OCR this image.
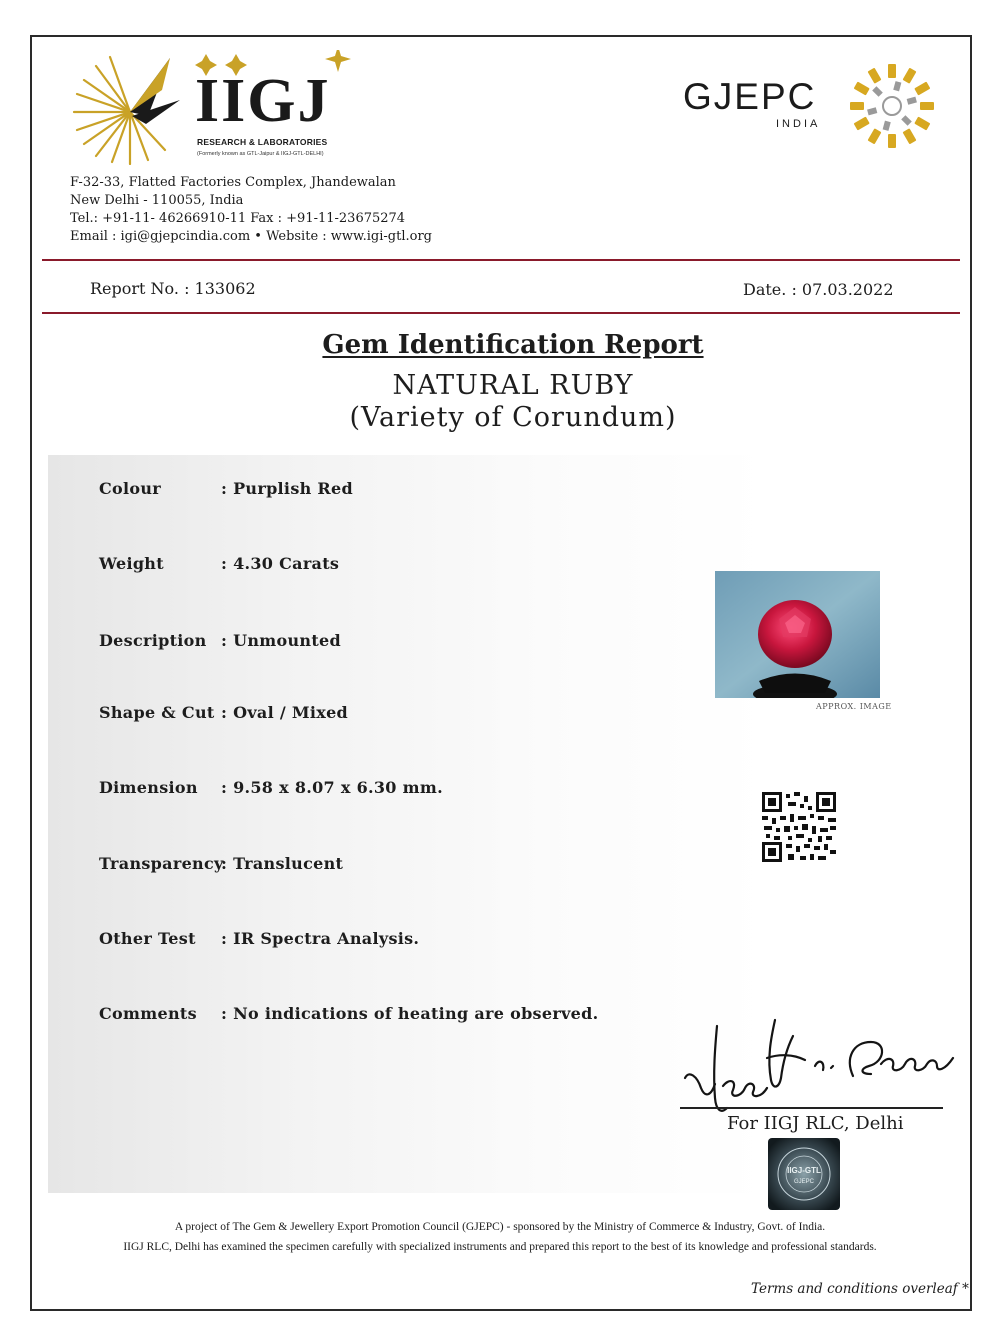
IIGJ
RESEARCH & LABORATORIES
(Formerly known as GTL-Jaipur & IIGJ-GTL-DELHI)
GJEPC
INDIA
F-32-33, Flatted Factories Complex, Jhandewalan
New Delhi - 110055, India
Tel.: +91-11- 46266910-11 Fax : +91-11-23675274
Email : igi@gjepcindia.com • Website : www.igi-gtl.org
Report No. : 133062	Date. : 07.03.2022
Gem Identification Report
NATURAL RUBY
(Variety of Corundum)
Colour	: Purplish Red
Weight	: 4.30 Carats
Description : Unmounted
Shape & Cut : Oval / Mixed
Dimension : 9.58 x 8.07 x 6.30 mm.
Transparency: Translucent
Other Test : IR Spectra Analysis.
Comments : No indications of heating are observed.
APPROX. IMAGE
For IIGJ RLC, Delhi
IIGJ-GTL
GJEPC
A project of The Gem & Jewellery Export Promotion Council (GJEPC) - sponsored by the Ministry of Commerce & Industry, Govt. of India.
IIGJ RLC, Delhi has examined the specimen carefully with specialized instruments and prepared this report to the best of its knowledge and professional standards.
Terms and conditions overleaf *
